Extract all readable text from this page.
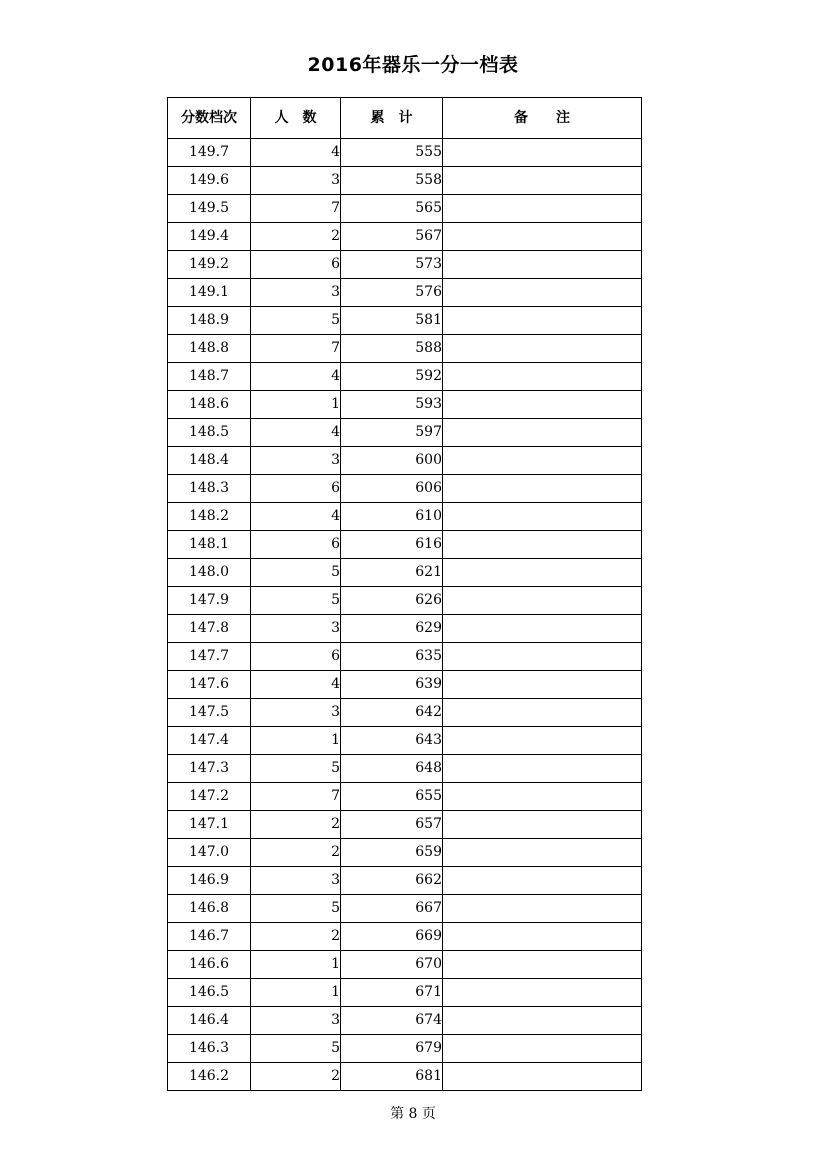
2016年器乐一分一档表
分数档次	人　数	累　计	备　　注
149.7	4	555	
149.6	3	558	
149.5	7	565	
149.4	2	567	
149.2	6	573	
149.1	3	576	
148.9	5	581	
148.8	7	588	
148.7	4	592	
148.6	1	593	
148.5	4	597	
148.4	3	600	
148.3	6	606	
148.2	4	610	
148.1	6	616	
148.0	5	621	
147.9	5	626	
147.8	3	629	
147.7	6	635	
147.6	4	639	
147.5	3	642	
147.4	1	643	
147.3	5	648	
147.2	7	655	
147.1	2	657	
147.0	2	659	
146.9	3	662	
146.8	5	667	
146.7	2	669	
146.6	1	670	
146.5	1	671	
146.4	3	674	
146.3	5	679	
146.2	2	681	
第 8 页
